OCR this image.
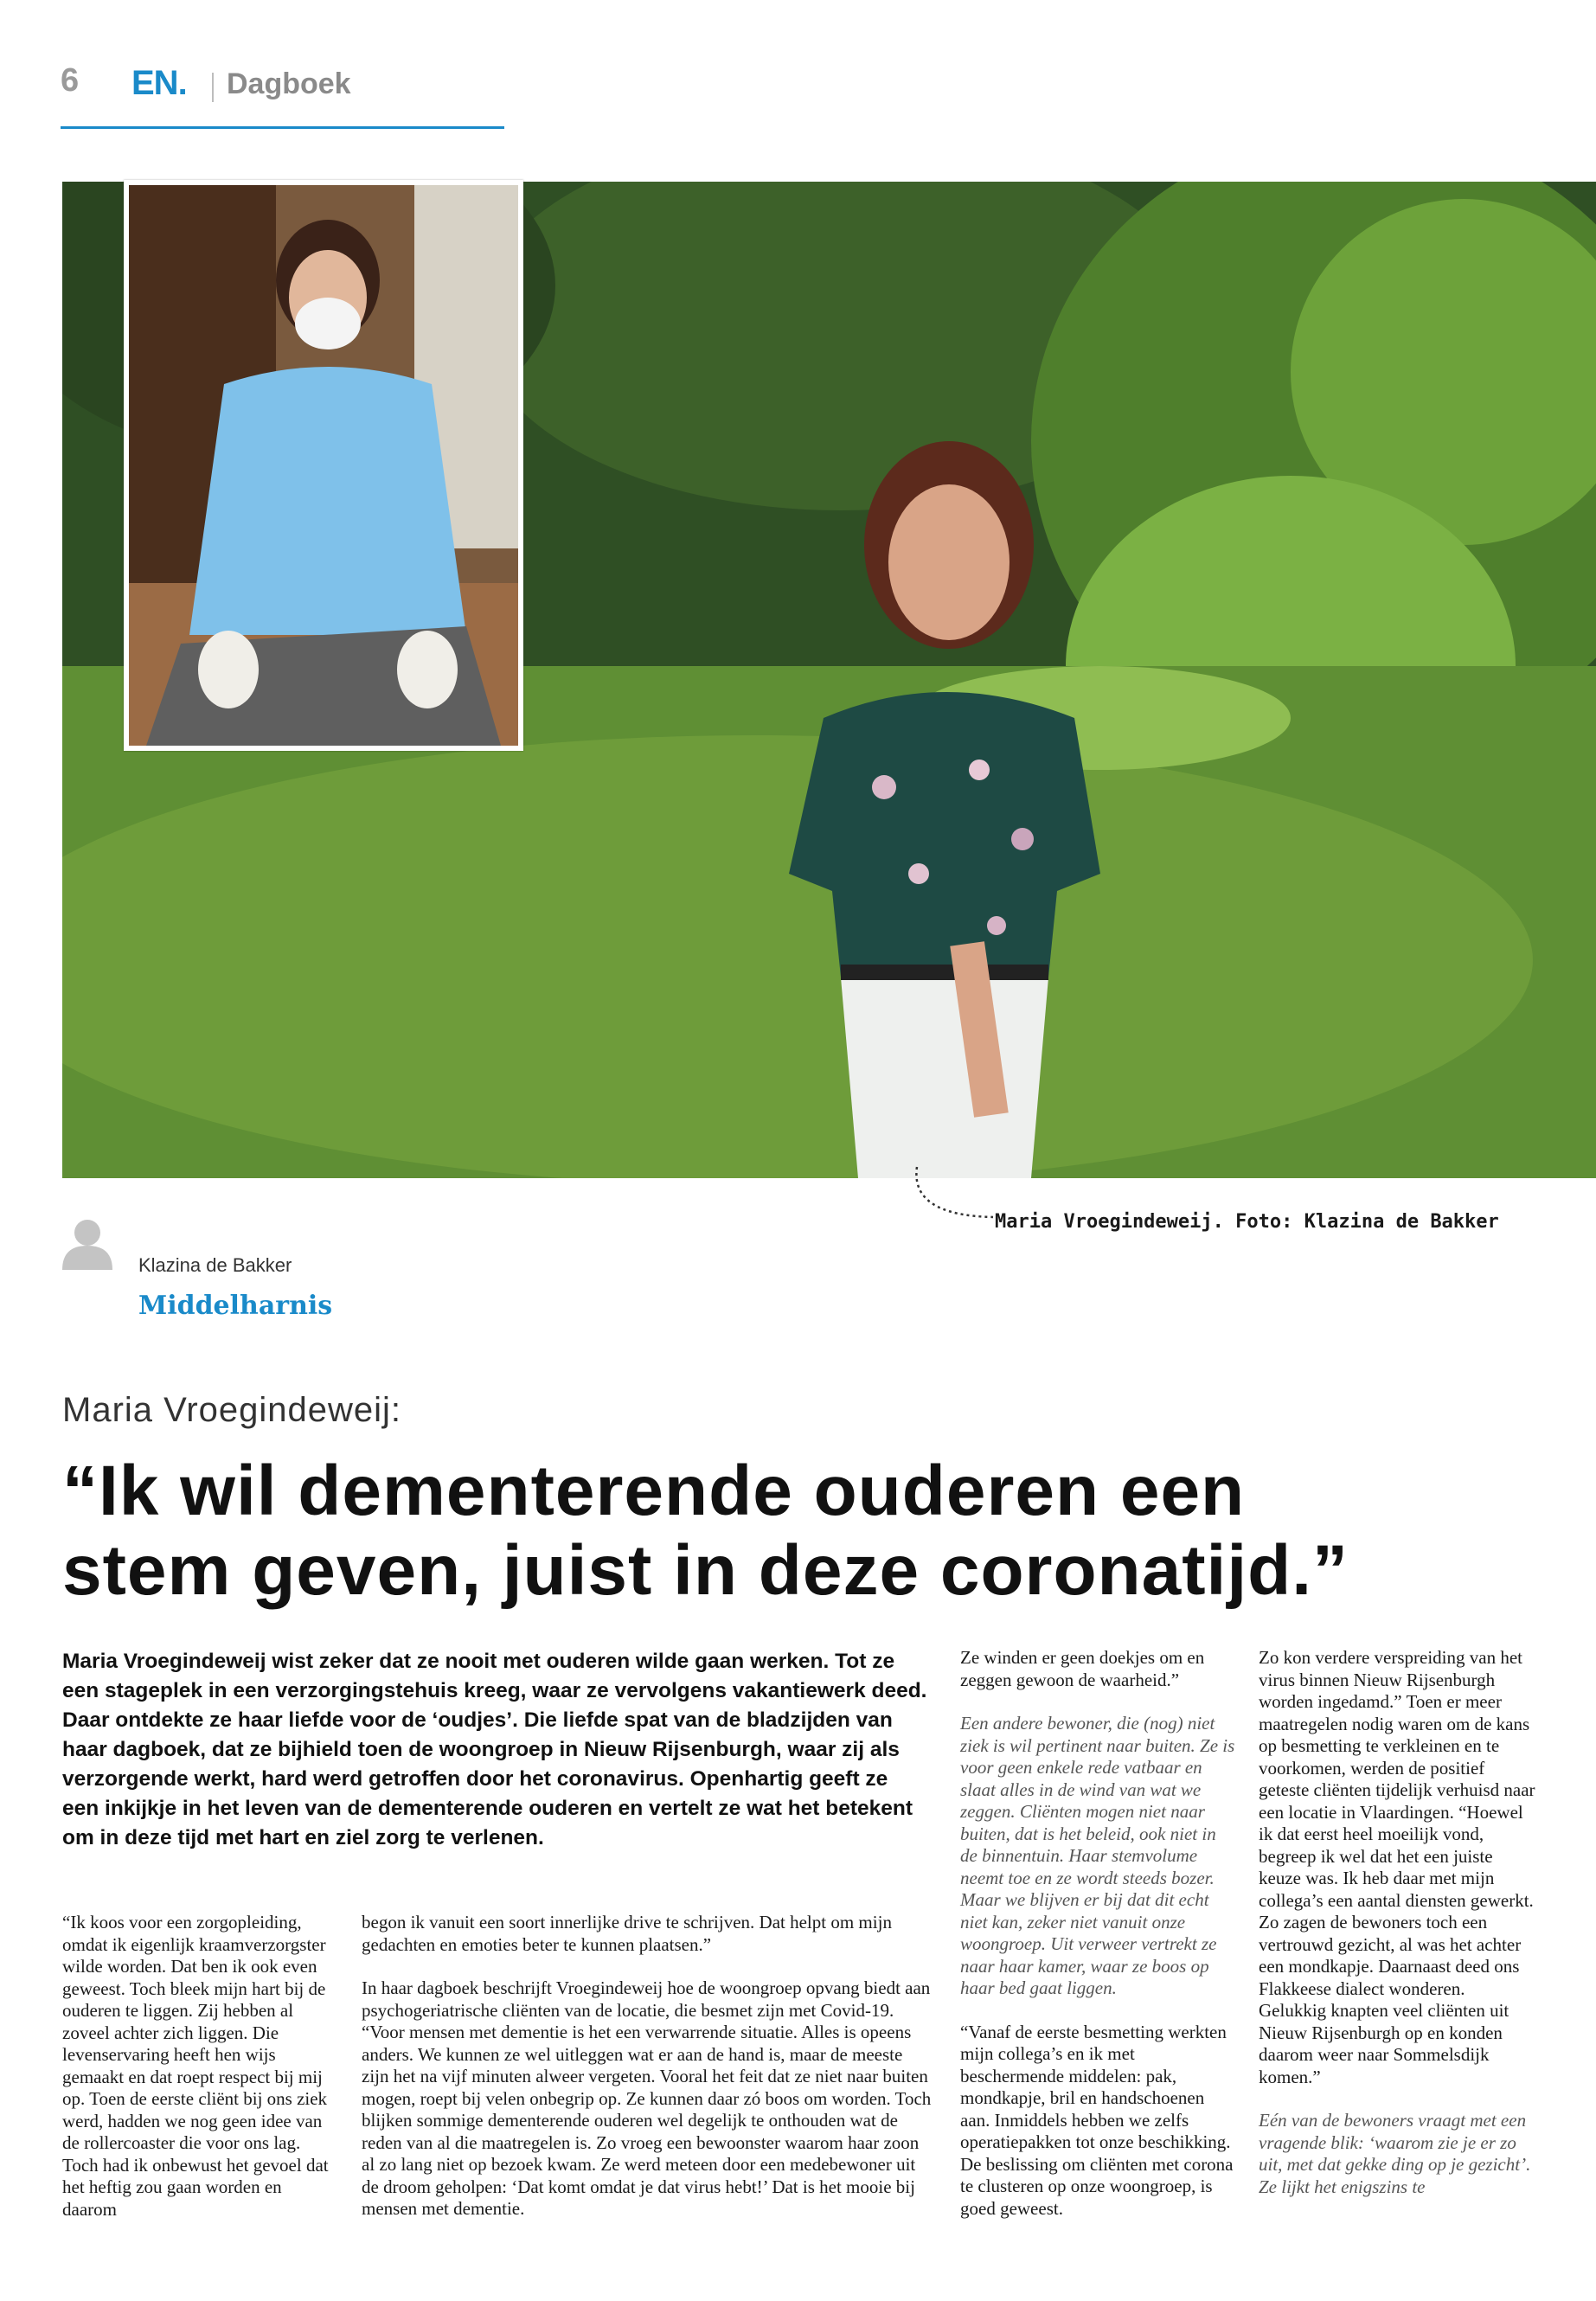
6 EN. Dagboek
Maria Vroegindeweij. Foto: Klazina de Bakker
Klazina de Bakker
Middelharnis
Maria Vroegindeweij:
“Ik wil dementerende ouderen een
stem geven, juist in deze coronatijd.”
Maria Vroegindeweij wist zeker dat ze nooit met ouderen wilde gaan werken. Tot ze een stageplek in een verzorgingstehuis kreeg, waar ze vervolgens vakantiewerk deed. Daar ontdekte ze haar liefde voor de ‘oudjes’. Die liefde spat van de bladzijden van haar dagboek, dat ze bijhield toen de woongroep in Nieuw Rijsenburgh, waar zij als verzorgende werkt, hard werd getroffen door het coronavirus. Openhartig geeft ze een inkijkje in het leven van de dementerende ouderen en vertelt ze wat het betekent om in deze tijd met hart en ziel zorg te verlenen.

“Ik koos voor een zorgopleiding, omdat ik eigenlijk kraamverzorgster wilde worden. Dat ben ik ook even geweest. Toch bleek mijn hart bij de ouderen te liggen. Zij hebben al zoveel achter zich liggen. Die levenservaring heeft hen wijs gemaakt en dat roept respect bij mij op. Toen de eerste cliënt bij ons ziek werd, hadden we nog geen idee van de rollercoaster die voor ons lag. Toch had ik onbewust het gevoel dat het heftig zou gaan worden en daarom

begon ik vanuit een soort innerlijke drive te schrijven. Dat helpt om mijn gedachten en emoties beter te kunnen plaatsen.”

In haar dagboek beschrijft Vroegindeweij hoe de woongroep opvang biedt aan psychogeriatrische cliënten van de locatie, die besmet zijn met Covid-19. “Voor mensen met dementie is het een verwarrende situatie. Alles is opeens anders. We kunnen ze wel uitleggen wat er aan de hand is, maar de meeste zijn het na vijf minuten alweer vergeten. Vooral het feit dat ze niet naar buiten mogen, roept bij velen onbegrip op. Ze kunnen daar zó boos om worden. Toch blijken sommige dementerende ouderen wel degelijk te onthouden wat de reden van al die maatregelen is. Zo vroeg een bewoonster waarom haar zoon al zo lang niet op bezoek kwam. Ze werd meteen door een medebewoner uit de droom geholpen: ‘Dat komt omdat je dat virus hebt!’ Dat is het mooie bij mensen met dementie.

Ze winden er geen doekjes om en zeggen gewoon de waarheid.”

Een andere bewoner, die (nog) niet ziek is wil pertinent naar buiten. Ze is voor geen enkele rede vatbaar en slaat alles in de wind van wat we zeggen. Cliënten mogen niet naar buiten, dat is het beleid, ook niet in de binnentuin. Haar stemvolume neemt toe en ze wordt steeds bozer. Maar we blijven er bij dat dit echt niet kan, zeker niet vanuit onze woongroep. Uit verweer vertrekt ze naar haar kamer, waar ze boos op haar bed gaat liggen.

“Vanaf de eerste besmetting werkten mijn collega’s en ik met beschermende middelen: pak, mondkapje, bril en handschoenen aan. Inmiddels hebben we zelfs operatiepakken tot onze beschikking. De beslissing om cliënten met corona te clusteren op onze woongroep, is goed geweest.

Zo kon verdere verspreiding van het virus binnen Nieuw Rijsenburgh worden ingedamd.” Toen er meer maatregelen nodig waren om de kans op besmetting te verkleinen en te voorkomen, werden de positief geteste cliënten tijdelijk verhuisd naar een locatie in Vlaardingen. “Hoewel ik dat eerst heel moeilijk vond, begreep ik wel dat het een juiste keuze was. Ik heb daar met mijn collega’s een aantal diensten gewerkt. Zo zagen de bewoners toch een vertrouwd gezicht, al was het achter een mondkapje. Daarnaast deed ons Flakkeese dialect wonderen. Gelukkig knapten veel cliënten uit Nieuw Rijsenburgh op en konden daarom weer naar Sommelsdijk komen.”

Eén van de bewoners vraagt met een vragende blik: ‘waarom zie je er zo uit, met dat gekke ding op je gezicht’. Ze lijkt het enigszins te
